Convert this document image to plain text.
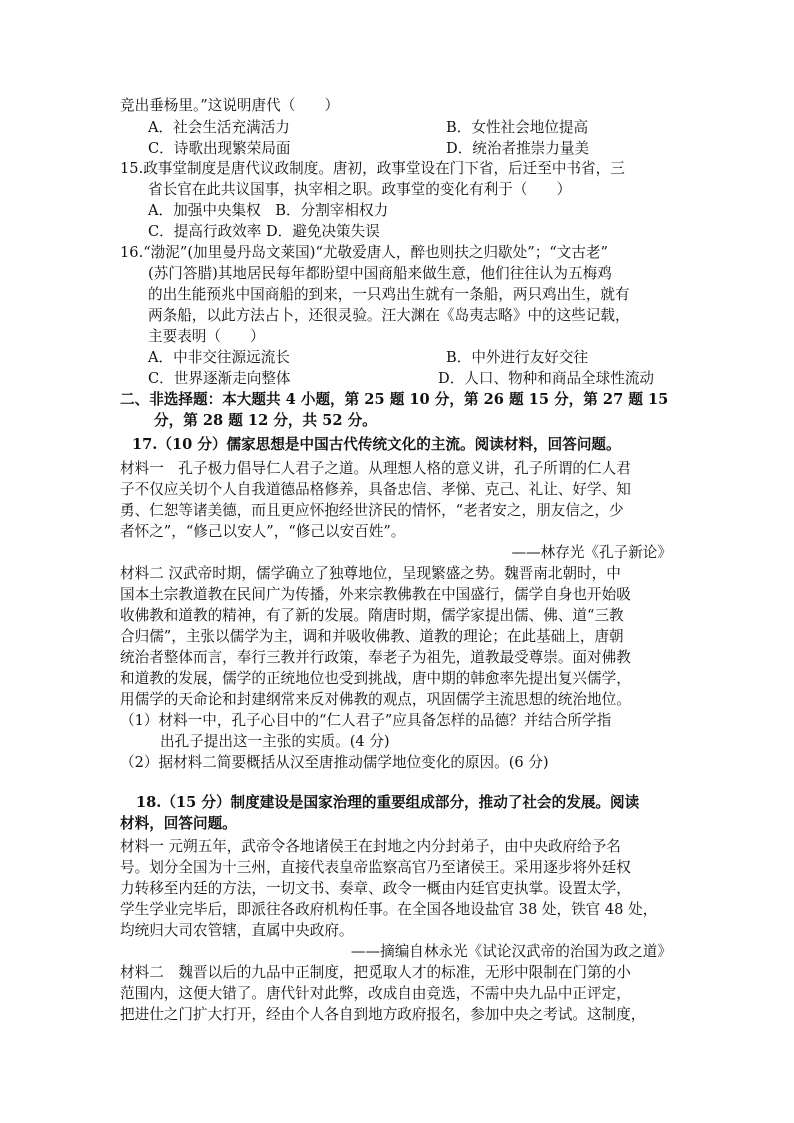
竞出垂杨里。”这说明唐代（　　）
A．社会生活充满活力	B．女性社会地位提高
C．诗歌出现繁荣局面	D．统治者推崇力量美
15.政事堂制度是唐代议政制度。唐初，政事堂设在门下省，后迁至中书省，三
省长官在此共议国事，执宰相之职。政事堂的变化有利于（　　）
A．加强中央集权　B．分割宰相权力
C．提高行政效率 D．避免决策失误
16.“渤泥”(加里曼丹岛文莱国)“尤敬爱唐人，醉也则扶之归歇处”；“文古老”
(苏门答腊)其地居民每年都盼望中国商船来做生意，他们往往认为五梅鸡
的出生能预兆中国商船的到来，一只鸡出生就有一条船，两只鸡出生，就有
两条船，以此方法占卜，还很灵验。汪大渊在《岛夷志略》中的这些记载，
主要表明（　　）
A．中非交往源远流长	B．中外进行友好交往
C．世界逐渐走向整体	D．人口、物种和商品全球性流动
二、非选择题：本大题共 4 小题，第 25 题 10 分，第 26 题 15 分，第 27 题 15
分，第 28 题 12 分，共 52 分。
17.（10 分）儒家思想是中国古代传统文化的主流。阅读材料，回答问题。
材料一　孔子极力倡导仁人君子之道。从理想人格的意义讲，孔子所谓的仁人君
子不仅应关切个人自我道德品格修养，具备忠信、孝悌、克己、礼让、好学、知
勇、仁恕等诸美德，而且更应怀抱经世济民的情怀，“老者安之，朋友信之，少
者怀之”，“修己以安人”，“修己以安百姓”。
——林存光《孔子新论》
材料二 汉武帝时期，儒学确立了独尊地位，呈现繁盛之势。魏晋南北朝时，中
国本土宗教道教在民间广为传播，外来宗教佛教在中国盛行，儒学自身也开始吸
收佛教和道教的精神，有了新的发展。隋唐时期，儒学家提出儒、佛、道“三教
合归儒”，主张以儒学为主，调和并吸收佛教、道教的理论；在此基础上，唐朝
统治者整体而言，奉行三教并行政策，奉老子为祖先，道教最受尊崇。面对佛教
和道教的发展，儒学的正统地位也受到挑战，唐中期的韩愈率先提出复兴儒学，
用儒学的天命论和封建纲常来反对佛教的观点，巩固儒学主流思想的统治地位。
（1）材料一中，孔子心目中的“仁人君子”应具备怎样的品德？并结合所学指
出孔子提出这一主张的实质。(4 分)
（2）据材料二简要概括从汉至唐推动儒学地位变化的原因。(6 分)
18.（15 分）制度建设是国家治理的重要组成部分，推动了社会的发展。阅读
材料，回答问题。
材料一 元朔五年，武帝令各地诸侯王在封地之内分封弟子，由中央政府给予名
号。划分全国为十三州，直接代表皇帝监察高官乃至诸侯王。采用逐步将外廷权
力转移至内廷的方法，一切文书、奏章、政令一概由内廷官吏执掌。设置太学，
学生学业完毕后，即派往各政府机构任事。在全国各地设盐官 38 处，铁官 48 处，
均统归大司农管辖，直属中央政府。
——摘编自林永光《试论汉武帝的治国为政之道》
材料二　魏晋以后的九品中正制度，把觅取人才的标准，无形中限制在门第的小
范围内，这便大错了。唐代针对此弊，改成自由竞选，不需中央九品中正评定，
把进仕之门扩大打开，经由个人各自到地方政府报名，参加中央之考试。这制度，
